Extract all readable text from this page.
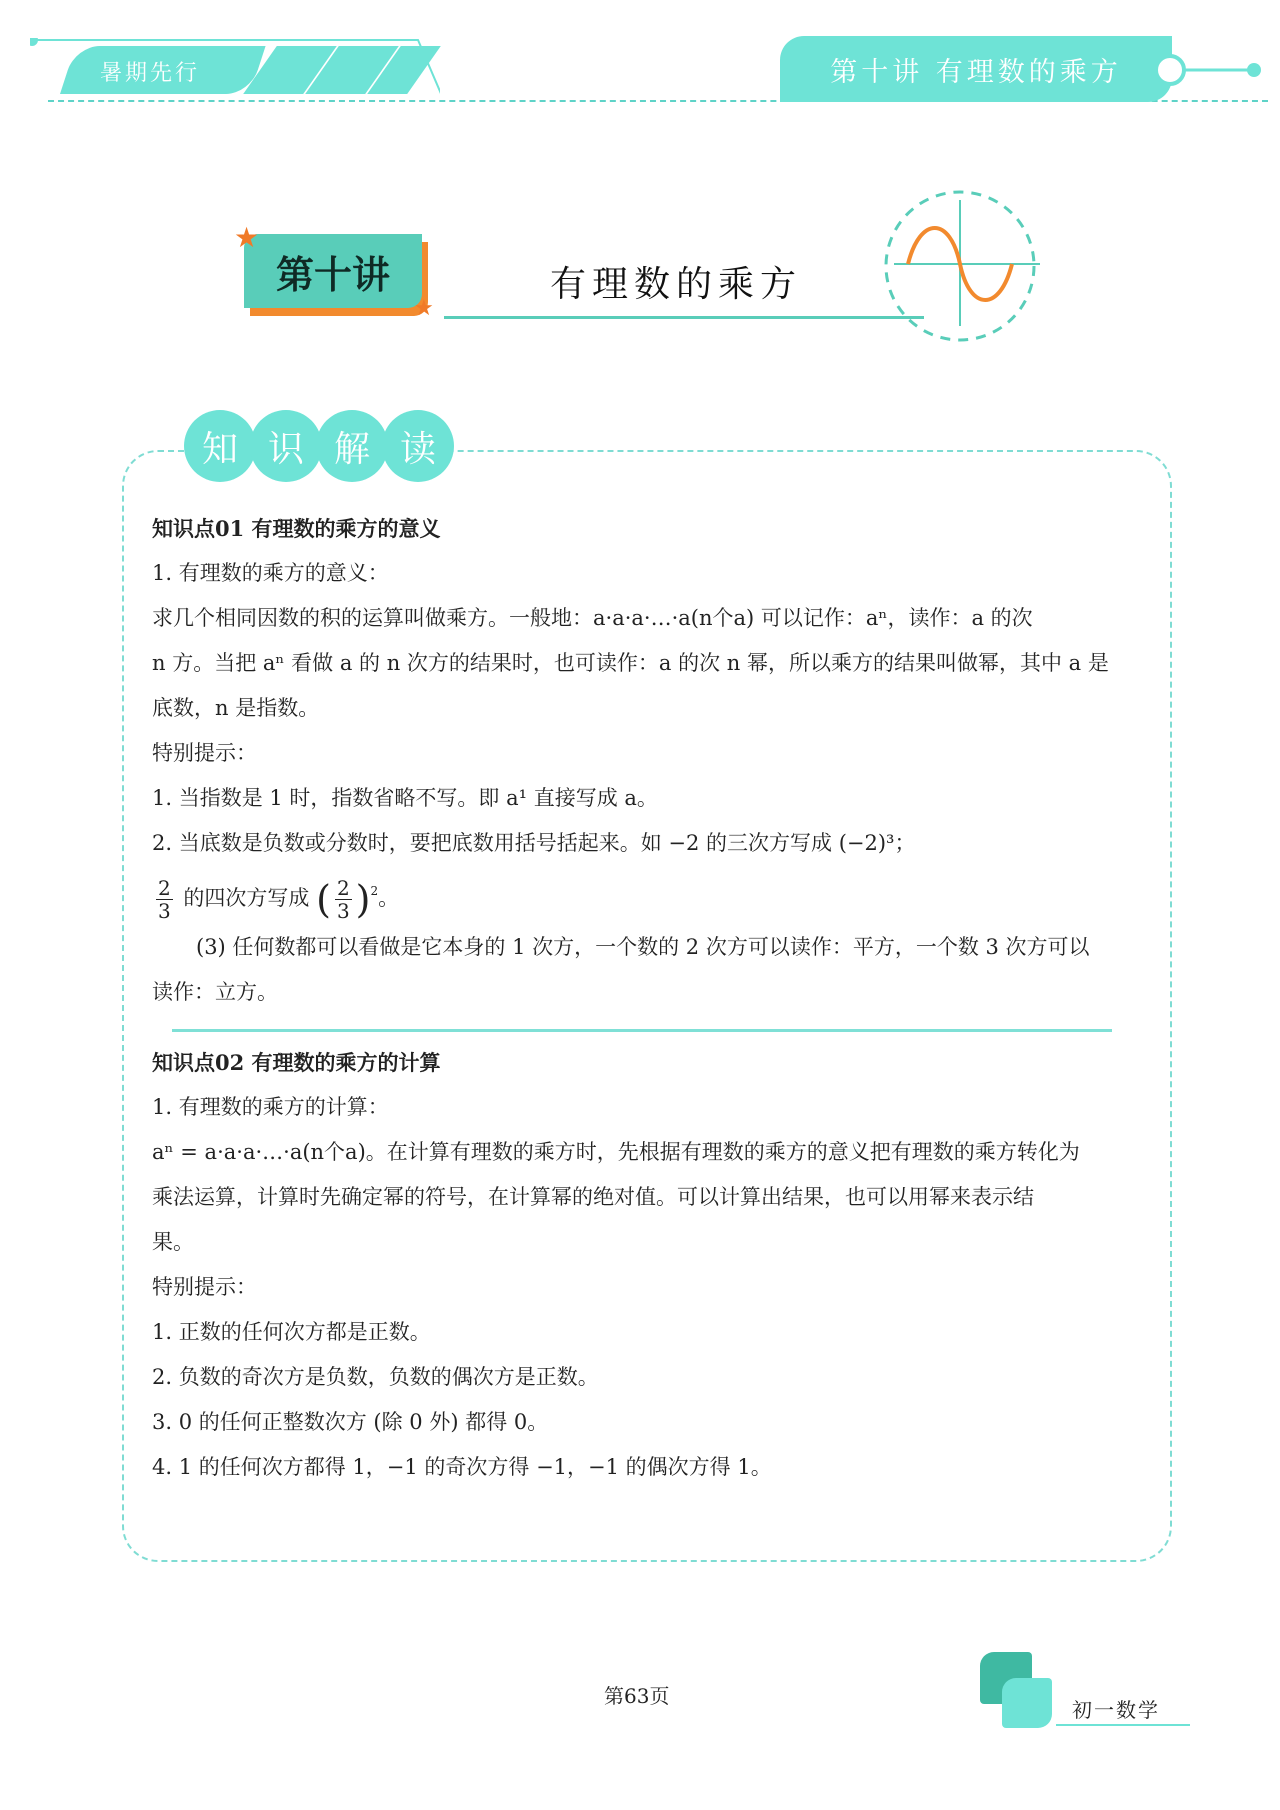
暑期先行	第十讲 有理数的乘方
第十讲
★
★
有理数的乘方
知 识 解 读

知识点01 有理数的乘方的意义

1. 有理数的乘方的意义：

求几个相同因数的积的运算叫做乘方。一般地：a·a·a·…·a(n个a) 可以记作：aⁿ，读作：a 的次

n 方。当把 aⁿ 看做 a 的 n 次方的结果时，也可读作：a 的次 n 幂，所以乘方的结果叫做幂，其中 a 是

底数，n 是指数。

特别提示：

1. 当指数是 1 时，指数省略不写。即 a¹ 直接写成 a。

2. 当底数是负数或分数时，要把底数用括号括起来。如 −2 的三次方写成 (−2)³；

$\frac{2}{3}$ 的四次方写成 ( $\frac{2}{3} )^2$。

(3) 任何数都可以看做是它本身的 1 次方，一个数的 2 次方可以读作：平方，一个数 3 次方可以

读作：立方。

知识点02 有理数的乘方的计算

1. 有理数的乘方的计算：

aⁿ = a·a·a·…·a(n个a)。在计算有理数的乘方时，先根据有理数的乘方的意义把有理数的乘方转化为

乘法运算，计算时先确定幂的符号，在计算幂的绝对值。可以计算出结果，也可以用幂来表示结

果。

特别提示：

1. 正数的任何次方都是正数。

2. 负数的奇次方是负数，负数的偶次方是正数。

3. 0 的任何正整数次方 (除 0 外) 都得 0。

4. 1 的任何次方都得 1，−1 的奇次方得 −1，−1 的偶次方得 1。

第63页
初一数学
